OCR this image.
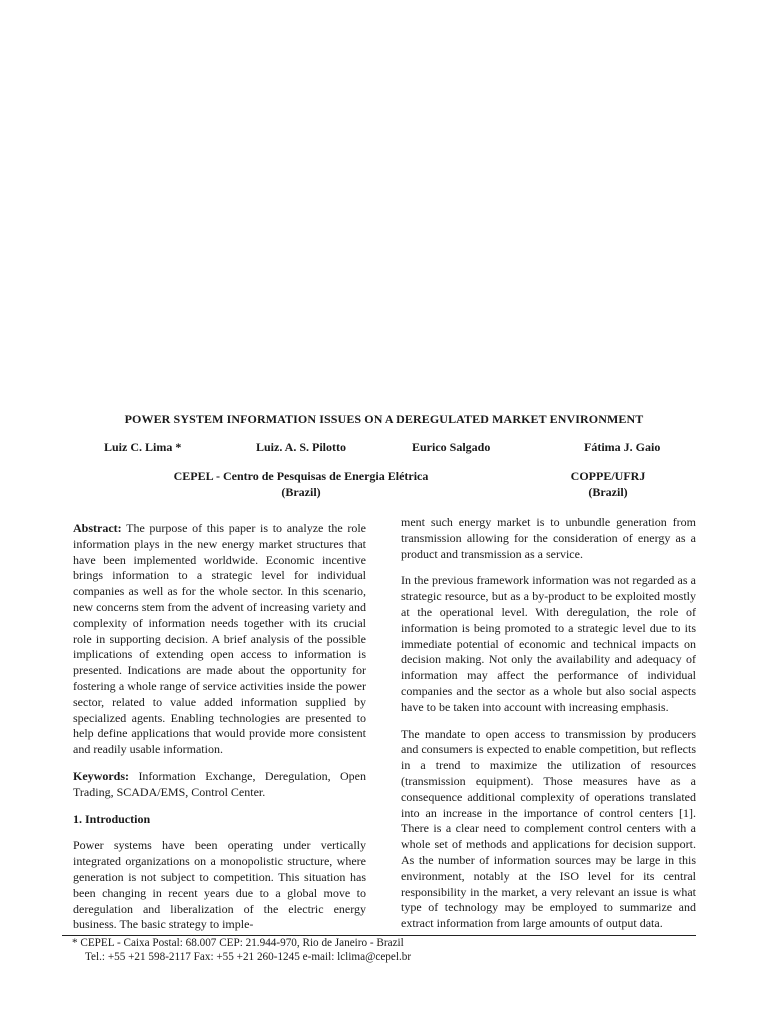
POWER SYSTEM INFORMATION ISSUES ON A DEREGULATED MARKET ENVIRONMENT
Luiz C. Lima *	Luiz. A. S. Pilotto	Eurico Salgado	Fátima J. Gaio
CEPEL - Centro de Pesquisas de Energia Elétrica
(Brazil)
COPPE/UFRJ
(Brazil)

Abstract: The purpose of this paper is to analyze the role information plays in the new energy market structures that have been implemented worldwide. Economic incentive brings information to a strategic level for individual companies as well as for the whole sector. In this scenario, new concerns stem from the advent of increasing variety and complexity of information needs together with its crucial role in supporting decision. A brief analysis of the possible implications of extending open access to information is presented. Indications are made about the opportunity for fostering a whole range of service activities inside the power sector, related to value added information supplied by specialized agents. Enabling technologies are presented to help define applications that would provide more consistent and readily usable information.

Keywords: Information Exchange, Deregulation, Open Trading, SCADA/EMS, Control Center.

1. Introduction

Power systems have been operating under vertically integrated organizations on a monopolistic structure, where generation is not subject to competition. This situation has been changing in recent years due to a global move to deregulation and liberalization of the electric energy business. The basic strategy to imple-

ment such energy market is to unbundle generation from transmission allowing for the consideration of energy as a product and transmission as a service.

In the previous framework information was not regarded as a strategic resource, but as a by-product to be exploited mostly at the operational level. With deregulation, the role of information is being promoted to a strategic level due to its immediate potential of economic and technical impacts on decision making. Not only the availability and adequacy of information may affect the performance of individual companies and the sector as a whole but also social aspects have to be taken into account with increasing emphasis.

The mandate to open access to transmission by producers and consumers is expected to enable competition, but reflects in a trend to maximize the utilization of resources (transmission equipment). Those measures have as a consequence additional complexity of operations translated into an increase in the importance of control centers [1]. There is a clear need to complement control centers with a whole set of methods and applications for decision support. As the number of information sources may be large in this environment, notably at the ISO level for its central responsibility in the market, a very relevant an issue is what type of technology may be employed to summarize and extract information from large amounts of output data.

* CEPEL - Caixa Postal: 68.007 CEP: 21.944-970, Rio de Janeiro - Brazil
Tel.: +55 +21 598-2117 Fax: +55 +21 260-1245 e-mail: lclima@cepel.br
